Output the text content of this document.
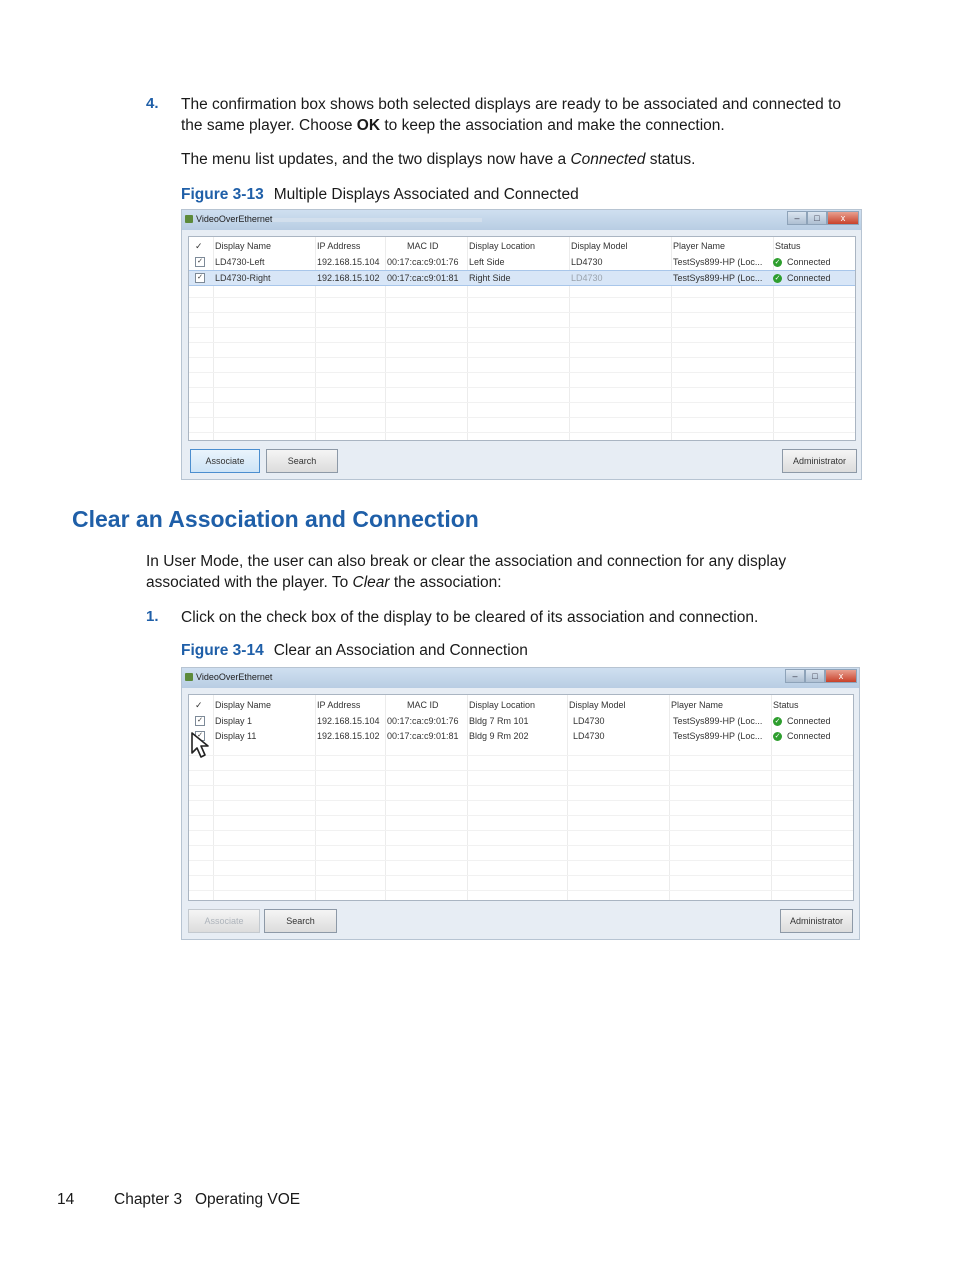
4. The confirmation box shows both selected displays are ready to be associated and connected to
the same player. Choose OK to keep the association and make the connection.
The menu list updates, and the two displays now have a Connected status.
Figure 3-13 Multiple Displays Associated and Connected
VideoOverEthernet	–	□	x
✓ Display Name	IP Address	MAC ID	Display Location	Display Model	Player Name	Status
✓ LD4730-Left	192.168.15.104 00:17:ca:c9:01:76 Left Side	LD4730	TestSys899-HP (Loc... ✓ Connected
✓ LD4730-Right	192.168.15.102 00:17:ca:c9:01:81 Right Side	LD4730	TestSys899-HP (Loc... ✓ Connected
Associate	Search	Administrator
Clear an Association and Connection
In User Mode, the user can also break or clear the association and connection for any display
associated with the player. To Clear the association:
1. Click on the check box of the display to be cleared of its association and connection.
Figure 3-14 Clear an Association and Connection
VideoOverEthernet	–	□	x
✓ Display Name	IP Address	MAC ID	Display Location	Display Model	Player Name	Status
✓ Display 1	192.168.15.104 00:17:ca:c9:01:76 Bldg 7 Rm 101	LD4730	TestSys899-HP (Loc... ✓ Connected
✓ Display 11	192.168.15.102 00:17:ca:c9:01:81 Bldg 9 Rm 202	LD4730	TestSys899-HP (Loc... ✓ Connected
Associate	Search	Administrator
14	Chapter 3   Operating VOE
